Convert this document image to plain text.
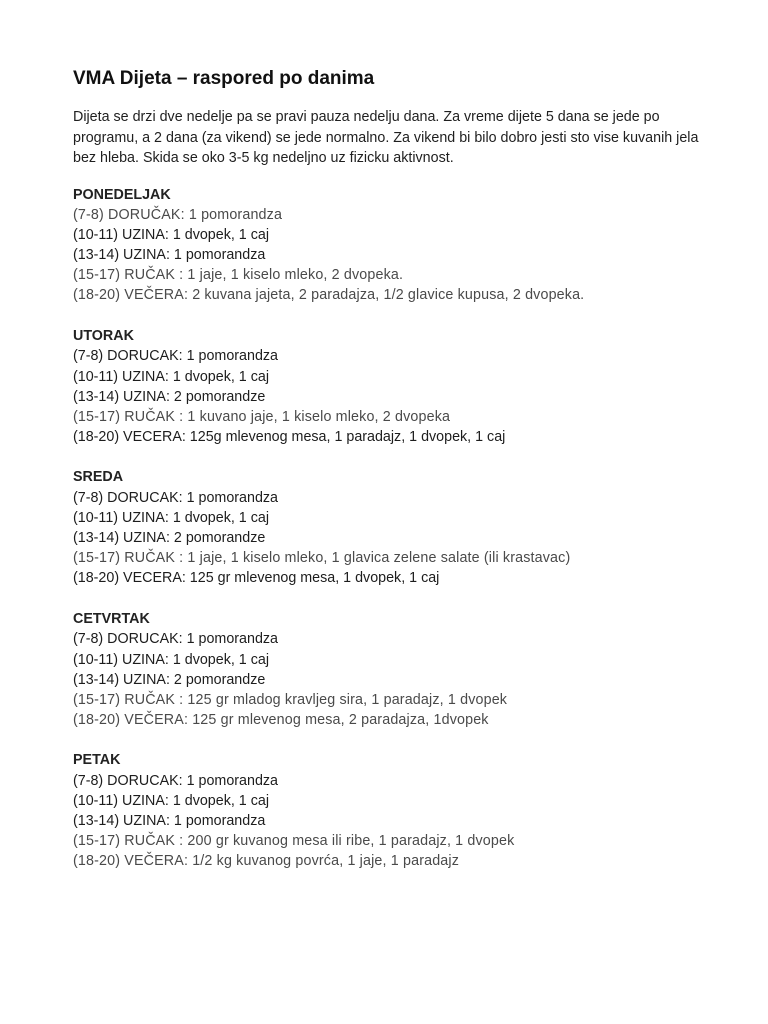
VMA Dijeta – raspored po danima

Dijeta se drzi dve nedelje pa se pravi pauza nedelju dana. Za vreme dijete 5 dana se jede po programu, a 2 dana (za vikend) se jede normalno. Za vikend bi bilo dobro jesti sto vise kuvanih jela bez hleba. Skida se oko 3-5 kg nedeljno uz fizicku aktivnost.

PONEDELJAK
(7-8) DORUČAK: 1 pomorandza
(10-11) UZINA: 1 dvopek, 1 caj
(13-14) UZINA: 1 pomorandza
(15-17) RUČAK : 1 jaje, 1 kiselo mleko, 2 dvopeka.
(18-20) VEČERA: 2 kuvana jajeta, 2 paradajza, 1/2 glavice kupusa, 2 dvopeka.
UTORAK
(7-8) DORUCAK: 1 pomorandza
(10-11) UZINA: 1 dvopek, 1 caj
(13-14) UZINA: 2 pomorandze
(15-17) RUČAK : 1 kuvano jaje, 1 kiselo mleko, 2 dvopeka
(18-20) VECERA: 125g mlevenog mesa, 1 paradajz, 1 dvopek, 1 caj
SREDA
(7-8) DORUCAK: 1 pomorandza
(10-11) UZINA: 1 dvopek, 1 caj
(13-14) UZINA: 2 pomorandze
(15-17) RUČAK : 1 jaje, 1 kiselo mleko, 1 glavica zelene salate (ili krastavac)
(18-20) VECERA: 125 gr mlevenog mesa, 1 dvopek, 1 caj
CETVRTAK
(7-8) DORUCAK: 1 pomorandza
(10-11) UZINA: 1 dvopek, 1 caj
(13-14) UZINA: 2 pomorandze
(15-17) RUČAK : 125 gr mladog kravljeg sira, 1 paradajz, 1 dvopek
(18-20) VEČERA: 125 gr mlevenog mesa, 2 paradajza, 1dvopek
PETAK
(7-8) DORUCAK: 1 pomorandza
(10-11) UZINA: 1 dvopek, 1 caj
(13-14) UZINA: 1 pomorandza
(15-17) RUČAK : 200 gr kuvanog mesa ili ribe, 1 paradajz, 1 dvopek
(18-20) VEČERA: 1/2 kg kuvanog povrća, 1 jaje, 1 paradajz
